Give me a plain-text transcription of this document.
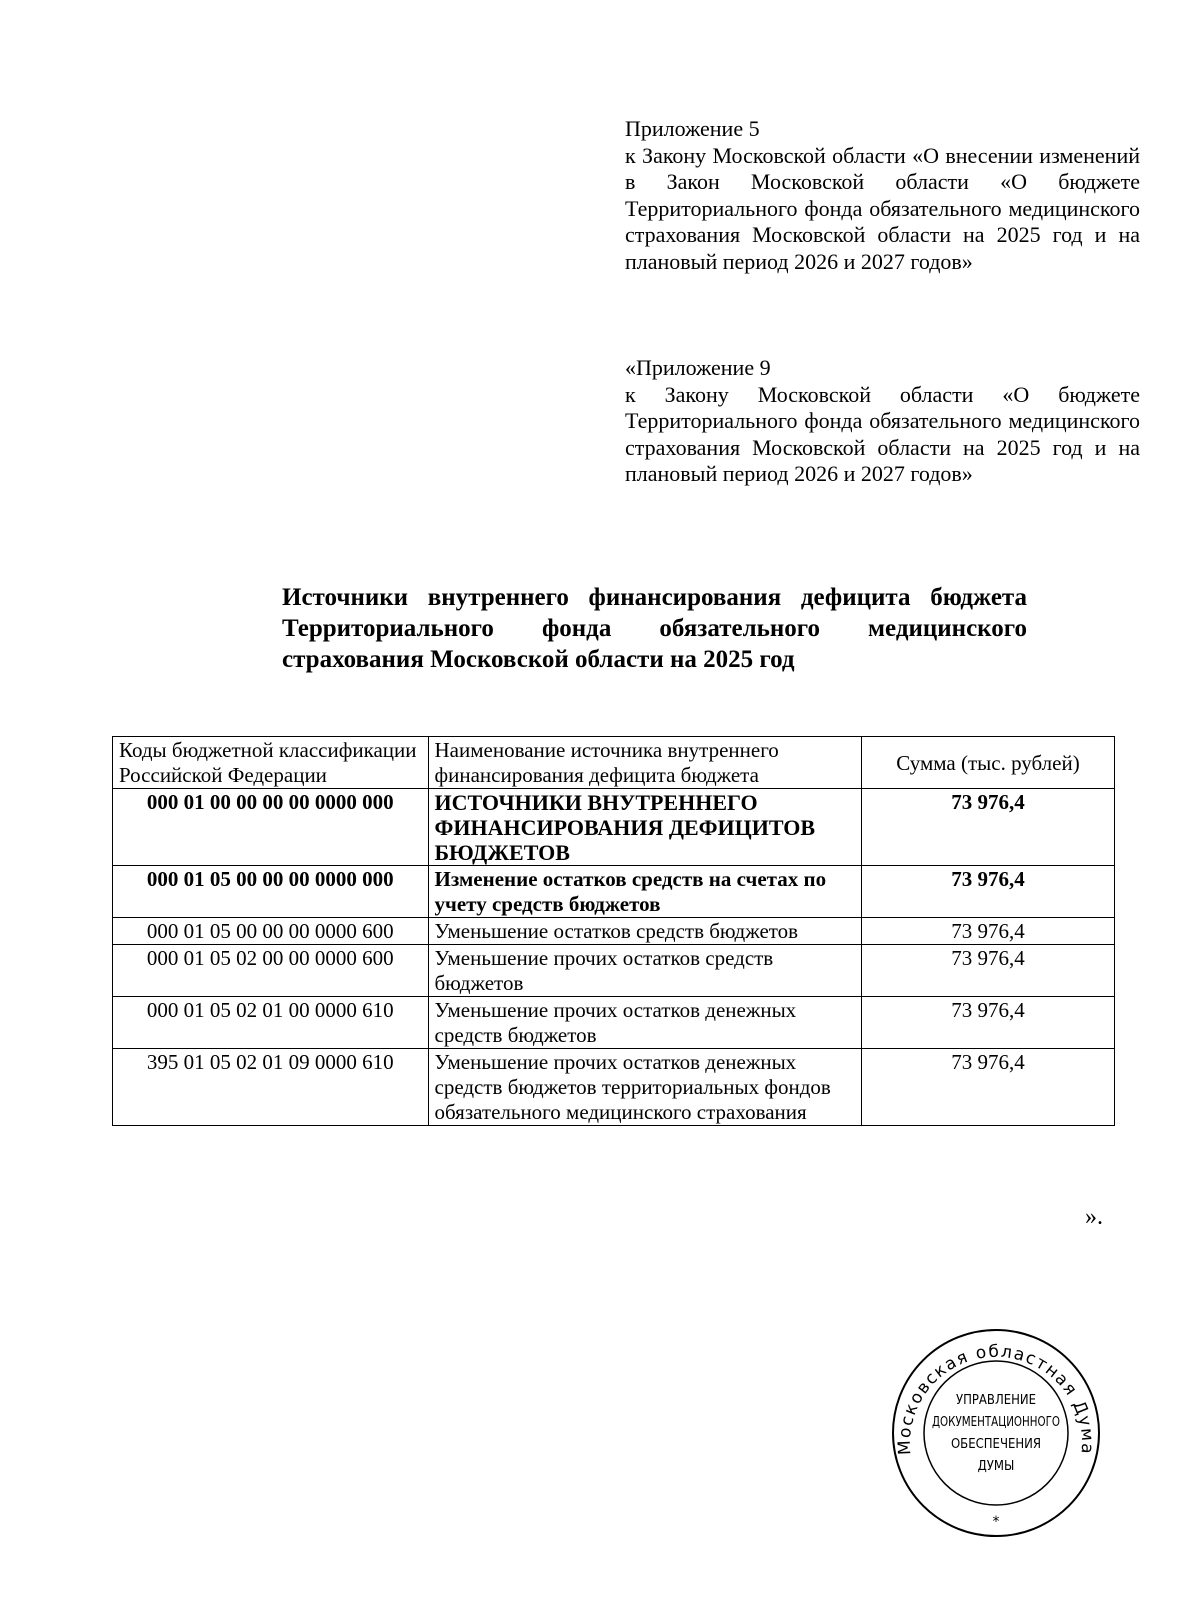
Приложение 5
к Закону Московской области «О внесении изменений в Закон Московской области «О бюджете Территориального фонда обязательного медицинского страхования Московской области на 2025 год и на плановый период 2026 и 2027 годов»
«Приложение 9
к Закону Московской области «О бюджете Территориального фонда обязательного медицинского страхования Московской области на 2025 год и на плановый период 2026 и 2027 годов»
Источники внутреннего финансирования дефицита бюджета Территориального фонда обязательного медицинского страхования Московской области на 2025 год
Коды бюджетной классификации Российской Федерации	Наименование источника внутреннего финансирования дефицита бюджета	Сумма (тыс. рублей)
000 01 00 00 00 00 0000 000	ИСТОЧНИКИ ВНУТРЕННЕГО ФИНАНСИРОВАНИЯ ДЕФИЦИТОВ БЮДЖЕТОВ	73 976,4
000 01 05 00 00 00 0000 000	Изменение остатков средств на счетах по учету средств бюджетов	73 976,4
000 01 05 00 00 00 0000 600	Уменьшение остатков средств бюджетов	73 976,4
000 01 05 02 00 00 0000 600	Уменьшение прочих остатков средств бюджетов	73 976,4
000 01 05 02 01 00 0000 610	Уменьшение прочих остатков денежных средств бюджетов	73 976,4
395 01 05 02 01 09 0000 610	Уменьшение прочих остатков денежных средств бюджетов территориальных фондов обязательного медицинского страхования	73 976,4
».
Московская областная Дума
УПРАВЛЕНИЕ
ДОКУМЕНТАЦИОННОГО
ОБЕСПЕЧЕНИЯ
ДУМЫ
*
